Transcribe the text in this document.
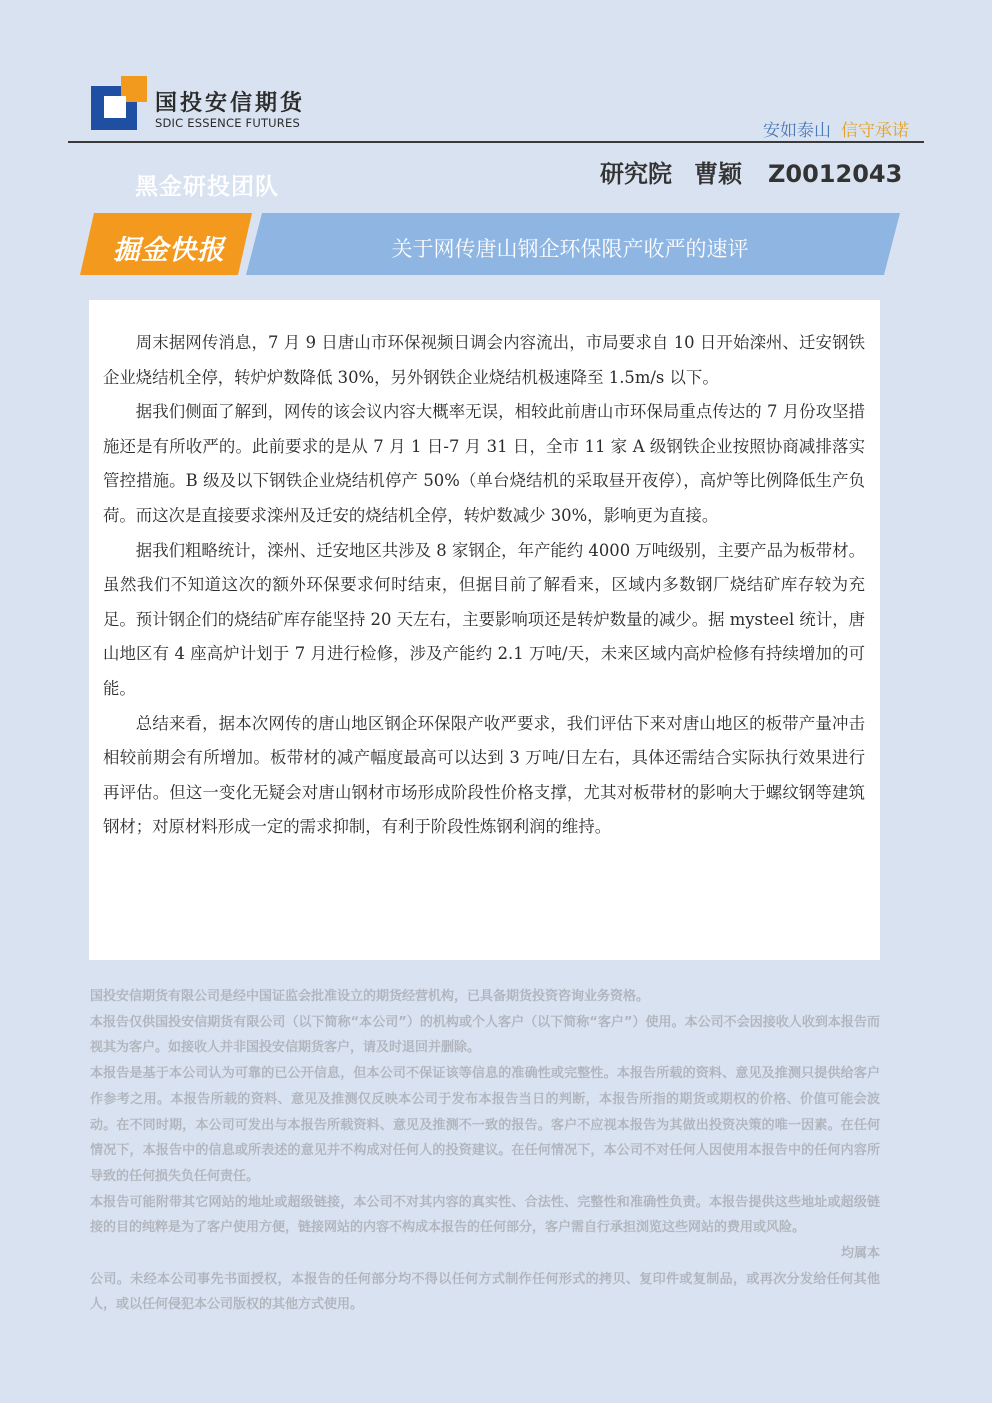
国投安信期货
SDIC ESSENCE FUTURES	安如泰山 信守承诺
黑金研投团队	研究院 曹颖 Z0012043
掘金快报	关于网传唐山钢企环保限产收严的速评

周末据网传消息，7 月 9 日唐山市环保视频日调会内容流出，市局要求自 10 日开始滦州、迁安钢铁企业烧结机全停，转炉炉数降低 30%，另外钢铁企业烧结机极速降至 1.5m/s 以下。

据我们侧面了解到，网传的该会议内容大概率无误，相较此前唐山市环保局重点传达的 7 月份攻坚措施还是有所收严的。此前要求的是从 7 月 1 日-7 月 31 日，全市 11 家 A 级钢铁企业按照协商减排落实管控措施。B 级及以下钢铁企业烧结机停产 50%（单台烧结机的采取昼开夜停），高炉等比例降低生产负荷。而这次是直接要求滦州及迁安的烧结机全停，转炉数减少 30%，影响更为直接。

据我们粗略统计，滦州、迁安地区共涉及 8 家钢企，年产能约 4000 万吨级别，主要产品为板带材。虽然我们不知道这次的额外环保要求何时结束，但据目前了解看来，区域内多数钢厂烧结矿库存较为充足。预计钢企们的烧结矿库存能坚持 20 天左右，主要影响项还是转炉数量的减少。据 mysteel 统计，唐山地区有 4 座高炉计划于 7 月进行检修，涉及产能约 2.1 万吨/天，未来区域内高炉检修有持续增加的可能。

总结来看，据本次网传的唐山地区钢企环保限产收严要求，我们评估下来对唐山地区的板带产量冲击相较前期会有所增加。板带材的减产幅度最高可以达到 3 万吨/日左右，具体还需结合实际执行效果进行再评估。但这一变化无疑会对唐山钢材市场形成阶段性价格支撑，尤其对板带材的影响大于螺纹钢等建筑钢材；对原材料形成一定的需求抑制，有利于阶段性炼钢利润的维持。

国投安信期货有限公司是经中国证监会批准设立的期货经营机构，已具备期货投资咨询业务资格。

本报告仅供国投安信期货有限公司（以下简称“本公司”）的机构或个人客户（以下简称“客户”）使用。本公司不会因接收人收到本报告而视其为客户。如接收人并非国投安信期货客户，请及时退回并删除。

本报告是基于本公司认为可靠的已公开信息，但本公司不保证该等信息的准确性或完整性。本报告所载的资料、意见及推测只提供给客户作参考之用。本报告所载的资料、意见及推测仅反映本公司于发布本报告当日的判断，本报告所指的期货或期权的价格、价值可能会波动。在不同时期，本公司可发出与本报告所载资料、意见及推测不一致的报告。客户不应视本报告为其做出投资决策的唯一因素。在任何情况下，本报告中的信息或所表述的意见并不构成对任何人的投资建议。在任何情况下，本公司不对任何人因使用本报告中的任何内容所导致的任何损失负任何责任。

本报告可能附带其它网站的地址或超级链接，本公司不对其内容的真实性、合法性、完整性和准确性负责。本报告提供这些地址或超级链接的目的纯粹是为了客户使用方便，链接网站的内容不构成本报告的任何部分，客户需自行承担浏览这些网站的费用或风险。

均属本

公司。未经本公司事先书面授权，本报告的任何部分均不得以任何方式制作任何形式的拷贝、复印件或复制品，或再次分发给任何其他人，或以任何侵犯本公司版权的其他方式使用。
